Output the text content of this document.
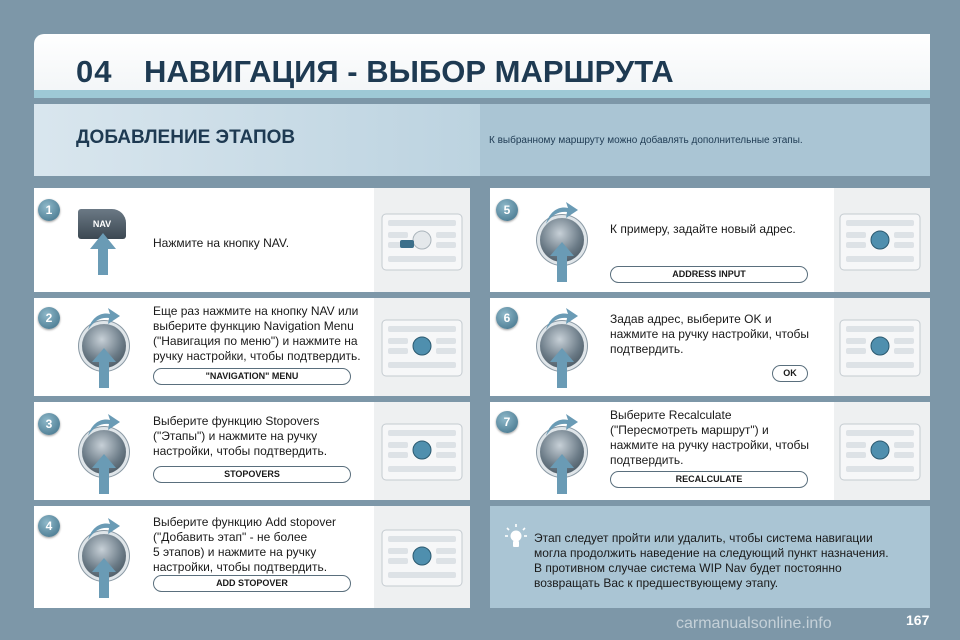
04 НАВИГАЦИЯ - ВЫБОР МАРШРУТА
ДОБАВЛЕНИЕ ЭТАПОВ	К выбранному маршруту можно добавлять дополнительные этапы.
1
NAV
Нажмите на кнопку NAV.
2	Еще раз нажмите на кнопку NAV или
выберите функцию Navigation Menu
("Навигация по меню") и нажмите на
ручку настройки, чтобы подтвердить.
"NAVIGATION" MENU
3	Выберите функцию Stopovers
("Этапы") и нажмите на ручку
настройки, чтобы подтвердить.
STOPOVERS
4	Выберите функцию Add stopover
("Добавить этап" - не более
5 этапов) и нажмите на ручку
настройки, чтобы подтвердить.
ADD STOPOVER
5
К примеру, задайте новый адрес.
ADDRESS INPUT
6	Задав адрес, выберите OK и
нажмите на ручку настройки, чтобы
подтвердить.
OK
7	Выберите Recalculate
("Пересмотреть маршрут") и
нажмите на ручку настройки, чтобы
подтвердить.
RECALCULATE
Этап следует пройти или удалить, чтобы система навигации
могла продолжить наведение на следующий пункт назначения.
В противном случае система WIP Nav будет постоянно
возвращать Вас к предшествующему этапу.
carmanualsonline.info	167
